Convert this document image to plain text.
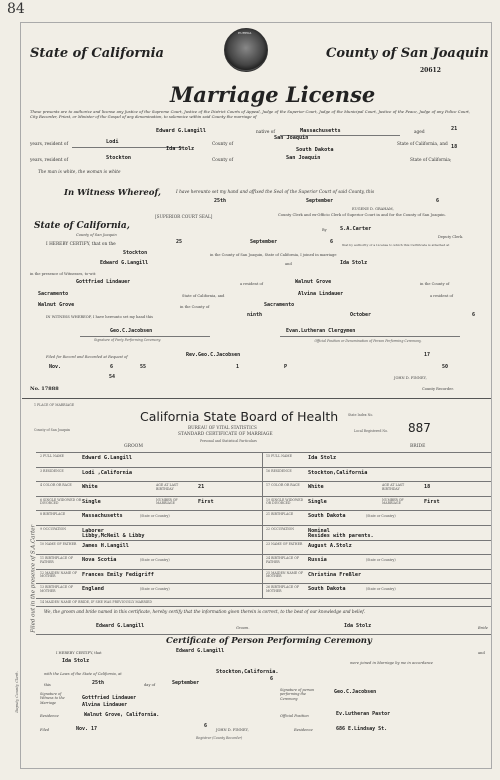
84
State of California	County of San Joaquin
EUREKA
20612
Marriage License
These presents are to authorize and license any Justice of the Supreme Court, Justice of the District Courts of Appeal, Judge of the Superior Court, Judge of the Municipal Court, Justice of the Peace, Judge of any Police Court, City Recorder, Priest, or Minister of the Gospel of any denomination, to solemnize within said County the marriage of
Edward G.Langill	native of	Massachusetts	aged
21
years, resident of	Lodi	County of
San Joaquin
State of California, and
Ida Stolz	South Dakota	18
years, resident of	Stockton	County of	San Joaquin	State of California;
The man is white, the woman is white
In Witness Whereof,	I have hereunto set my hand and affixed the Seal of the Superior Court of said County, this
25th	September	6
EUGENE D. GRAHAM,
[SUPERIOR COURT SEAL]	County Clerk and ex-Officio Clerk of Superior Court in and for the County of San Joaquin.
By	S.A.Carter
Deputy Clerk.
State of California,
County of San Joaquin
I HEREBY CERTIFY, that on the	25	September	6	that by authority of a License to which this Certificate is attached at
Stockton	in the County of San Joaquin, State of California, I joined in marriage
Edward G.Langill	and	Ida Stolz
in the presence of Witnesses, to-wit:
Gottfried Lindauer	a resident of	Walnut Grove	in the County of
Sacramento	State of California, and	Alvina Lindauer	a resident of
Walnut Grove	in the County of	Sacramento
IN WITNESS WHEREOF, I have hereunto set my hand this	ninth	October	6
Geo.C.Jacobsen
Signature of Party Performing Ceremony.
Evan.Lutheran Clergymen
Official Position or Denomination of Person Performing Ceremony.
Filed for Record and Recorded at Request of	Rev.Geo.C.Jacobsen	17
Nov.	6	55	1	P	50
54	JOHN D. FINNEY,
County Recorder.
No. 17888
1 PLACE OF MARRIAGE
County of San Joaquin
California State Board of Health
BUREAU OF VITAL STATISTICS
STANDARD CERTIFICATE OF MARRIAGE
Personal and Statistical Particulars
State Index No.
Local Registered No. 887
GROOM	BRIDE
2 FULL NAME	Edward G.Langill
3 RESIDENCE	Lodi ,California
4 COLOR OR RACE	White	AGE AT LAST BIRTHDAY	21
6 SINGLE WIDOWED OR DIVORCED	Single	NUMBER OF MARRIAGE	First
8 BIRTHPLACE	Massachusetts	(State or Country)
9 OCCUPATION	Laborer
Libby,McNeil & Libby
10 NAME OF FATHER	James H.Langill
11 BIRTHPLACE OF FATHER	Nova Scotia	(State or Country)
12 MAIDEN NAME OF MOTHER	Frances Emily Fedigriff
13 BIRTHPLACE OF MOTHER	England	(State or Country)
15 FULL NAME	Ida Stolz
16 RESIDENCE	Stockton,California
17 COLOR OR RACE	White	AGE AT LAST BIRTHDAY	18
19 SINGLE WIDOWED OR DIVORCED	Single	NUMBER OF MARRIAGE	First
21 BIRTHPLACE	South Dakota	(State or Country)
22 OCCUPATION	Nominal
Resides with parents.
23 NAME OF FATHER	August A.Stolz
24 BIRTHPLACE OF FATHER	Russia	(State or Country)
25 MAIDEN NAME OF MOTHER	Christina Freßler
26 BIRTHPLACE OF MOTHER	South Dakota	(State or Country)
14 MAIDEN NAME OF BRIDE, IF SHE WAS PREVIOUSLY MARRIED
We, the groom and bride named in this certificate, hereby certify that the information given therein is correct, to the best of our knowledge and belief.
Edward G.Langill	Groom.	Ida Stolz	Bride
Certificate of Person Performing Ceremony
I HEREBY CERTIFY, that	Edward G.Langill	and
Ida Stolz	were joined in Marriage by me in accordance
with the Laws of the State of California, at	Stockton,California.
this	25th	day of	September
6
Signature of Witness to the Marriage
Gottfried Lindauer
Alvina Lindauer
Residence	Walnut Grove, California.
Signature of person performing the Ceremony
Geo.C.Jacobsen
Official Position	Ev.Lutheran Pastor
Filed	Nov. 17	6
JOHN D. FINNEY,
Registrar (County Recorder)
Residence	686 E.Lindsay St.
Filed out in the presence of S.A.Carter
Deputy County Clerk.
